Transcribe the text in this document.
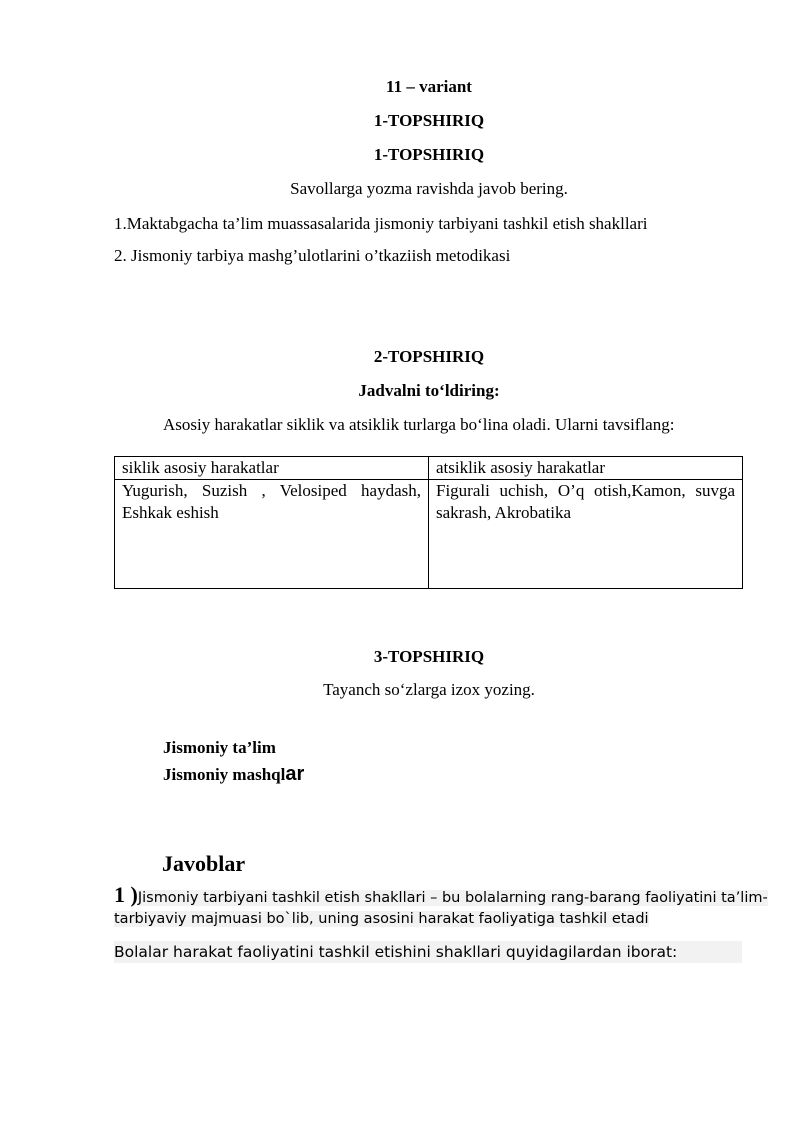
11 – variant
1-TOPSHIRIQ
1-TOPSHIRIQ
Savollarga yozma ravishda javob bering.
1.Maktabgacha ta’lim muassasalarida jismoniy tarbiyani tashkil etish shakllari
2. Jismoniy tarbiya mashg’ulotlarini o’tkaziish metodikasi
2-TOPSHIRIQ
Jadvalni to‘ldiring:
Asosiy harakatlar siklik va atsiklik turlarga bo‘lina oladi. Ularni tavsiflang:
siklik asosiy harakatlar	atsiklik asosiy harakatlar
Yugurish, Suzish , Velosiped haydash, Eshkak eshish	Figurali uchish, O’q otish,Kamon, suvga sakrash, Akrobatika
3-TOPSHIRIQ
Tayanch so‘zlarga izox yozing.
Jismoniy ta’lim
Jismoniy mashqlar
Javoblar
1 )Jismoniy tarbiyani tashkil etish shakllari – bu bolalarning rang-barang faoliyatini ta’lim-
tarbiyaviy majmuasi bo`lib, uning asosini harakat faoliyatiga tashkil etadi
Bolalar harakat faoliyatini tashkil etishini shakllari quyidagilardan iborat:
